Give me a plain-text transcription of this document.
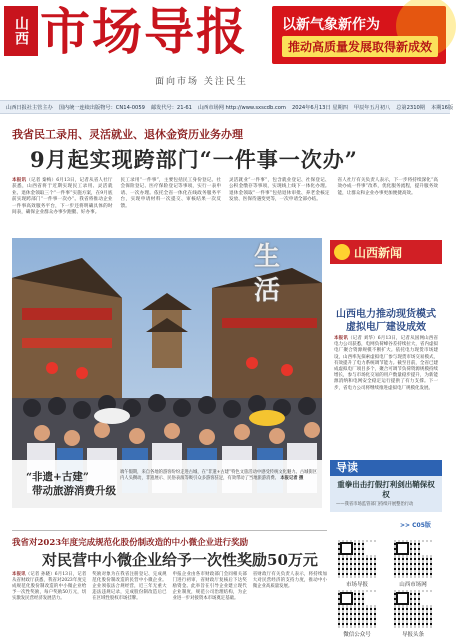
山西 市场导报
面向市场 关注民生
以新气象新作为
推动高质量发展取得新成效
山西日报社主管主办 国内统一连续出版物号：CN14-0059 邮发代号：21-61 山西市场网 http://www.sxscdb.com 2024年6月13日 星期四 甲辰年五月初八 总第2310期 本期16版
我省民工录用、灵活就业、退休金资历业务办理
9月起实现跨部门“一件事一次办”

本报讯（记者 秦梅）6月13日，记者从省人社厅获悉，山西省将于近期实现民工录用、灵活就业、退休金领取三个“一件事”实施方案，在9月底前实现跨部门“一件事一次办”。我省将推动企业一件事高效服务平台，下一步还将明确具体的时间表，确保企业群众办事少跑腿、好办事。

民工录用“一件事”，主要包括民工身份登记、社会保险登记、医疗保险登记等事项，实行一表申请、一次办理。依托全省一体化在线政务服务平台，实现申请材料一次提交、审核结果一次反馈。

灵活就业“一件事”，包含就业登记、社保登记、公积金缴存等事项，实现线上线下一体化办理。退休金领取“一件事”包括退休审批、养老金核定发放、医保待遇变更等，一次申请全部办结。

省人社厅有关负责人表示，下一步将持续深化“高效办成一件事”改革，优化服务流程，提升服务效能，让群众和企业办事更加便捷高效。

生活
“非遗+古建”
带动旅游消费升级
端午假期，来自各地的游客纷纷走进古城，在“非遗+古建”特色文旅活动中感受传统文化魅力。古城街区内人头攒动，非遗展示、民俗表演等吸引众多游客驻足，有效带动了当地旅游消费。 本报记者 摄
山西新闻
山西电力推动现货模式虚拟电厂建设成效
本报讯（记者 刘华）6月13日，记者从国网山西省电力公司获悉，电网负荷峰谷差持续拉大，省内虚拟电厂聚合资源规模不断扩大。依托电力现货市场建设，山西率先探索虚拟电厂参与现货市场交易模式，有效提升了电力系统调节能力。截至目前，全省已建成虚拟电厂项目多个，聚合可调节负荷资源规模持续增长，参与市场化交易的用户数量稳步提升，为新能源消纳和电网安全稳定运行提供了有力支撑。下一步，省电力公司将继续推进虚拟电厂规模化发展。
导读
重拳出击打假打利剑出鞘保权权
——我省市场监管部门持续开展整治行动
>> C05版
我省对2023年度完成规范化股份制改造的中小微企业进行奖励
对民营中小微企业给予一次性奖励50万元

本报讯（记者 孙晓）6月13日，记者从省财政厅获悉，我省对2023年度完成规范化股份制改造的中小微企业给予一次性奖励，每户奖励50万元，切实激发民营经济发展活力。

奖励对象为在我省注册登记、完成规范化股份制改造的民营中小微企业。企业须依法合规经营，近三年无重大违法违规记录，完成股份制改造后已在区域性股权市场挂牌。

申报企业由各市财政部门会同相关部门进行初审，省财政厅复核后下达奖励资金。此举旨在引导企业建立现代企业制度，规范公司治理结构，为企业进一步对接资本市场奠定基础。

省财政厅有关负责人表示，将持续加大对民营经济的支持力度，推动中小微企业高质量发展。	市场导报	山西市场网
微信公众号	导报头条
